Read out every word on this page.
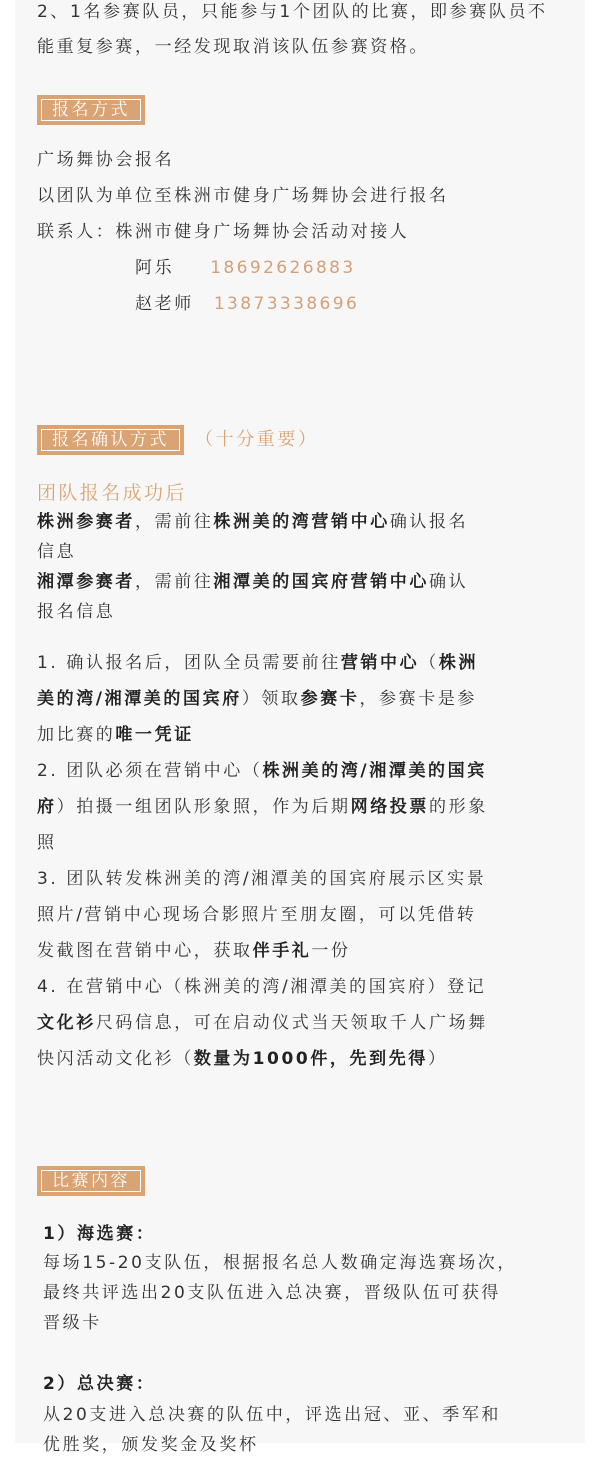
2、1名参赛队员，只能参与1个团队的比赛，即参赛队员不
能重复参赛，一经发现取消该队伍参赛资格。
报名方式
广场舞协会报名
以团队为单位至株洲市健身广场舞协会进行报名
联系人：株洲市健身广场舞协会活动对接人
阿乐 18692626883
赵老师 13873338696
报名确认方式	（十分重要）
团队报名成功后
株洲参赛者，需前往株洲美的湾营销中心确认报名
信息
湘潭参赛者，需前往湘潭美的国宾府营销中心确认
报名信息
1. 确认报名后，团队全员需要前往营销中心（株洲
美的湾/湘潭美的国宾府）领取参赛卡，参赛卡是参
加比赛的唯一凭证
2. 团队必须在营销中心（株洲美的湾/湘潭美的国宾
府）拍摄一组团队形象照，作为后期网络投票的形象
照
3. 团队转发株洲美的湾/湘潭美的国宾府展示区实景
照片/营销中心现场合影照片至朋友圈，可以凭借转
发截图在营销中心，获取伴手礼一份
4. 在营销中心（株洲美的湾/湘潭美的国宾府）登记
文化衫尺码信息，可在启动仪式当天领取千人广场舞
快闪活动文化衫（数量为1000件，先到先得）
比赛内容
1）海选赛：
每场15-20支队伍，根据报名总人数确定海选赛场次，
最终共评选出20支队伍进入总决赛，晋级队伍可获得
晋级卡
2）总决赛：
从20支进入总决赛的队伍中，评选出冠、亚、季军和
优胜奖，颁发奖金及奖杯
